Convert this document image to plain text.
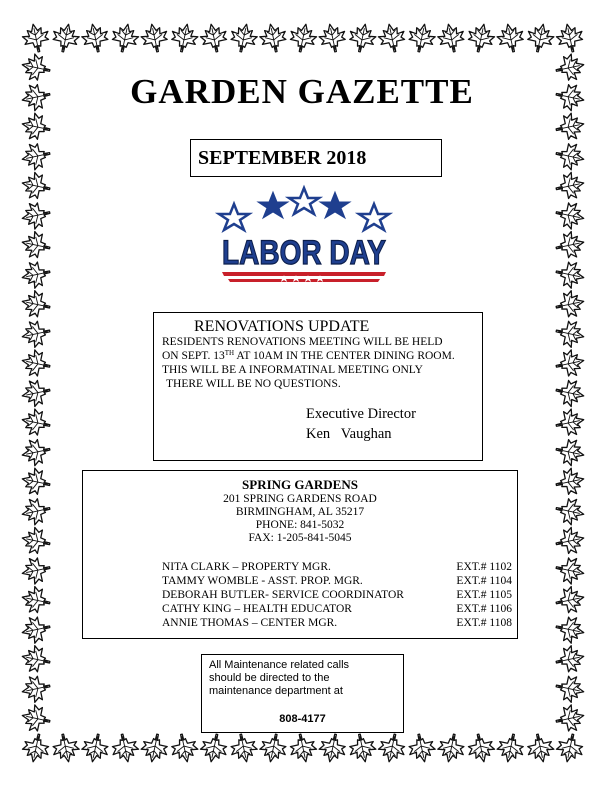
GARDEN GAZETTE
SEPTEMBER 2018
LABOR DAY
RENOVATIONS UPDATE
RESIDENTS RENOVATIONS MEETING WILL BE HELD
ON SEPT. 13TH AT 10AM IN THE CENTER DINING ROOM.
THIS WILL BE A INFORMATINAL MEETING ONLY
THERE WILL BE NO QUESTIONS.
Executive Director
Ken   Vaughan
SPRING GARDENS
201 SPRING GARDENS ROAD
BIRMINGHAM, AL 35217
PHONE: 841-5032
FAX: 1-205-841-5045
NITA CLARK – PROPERTY MGR.	EXT.# 1102
TAMMY WOMBLE - ASST. PROP. MGR.	EXT.# 1104
DEBORAH BUTLER- SERVICE COORDINATOR	EXT.# 1105
CATHY KING – HEALTH EDUCATOR	EXT.# 1106
ANNIE THOMAS – CENTER MGR.	EXT.# 1108
All Maintenance related calls
should be directed to the
maintenance department at
808-4177
